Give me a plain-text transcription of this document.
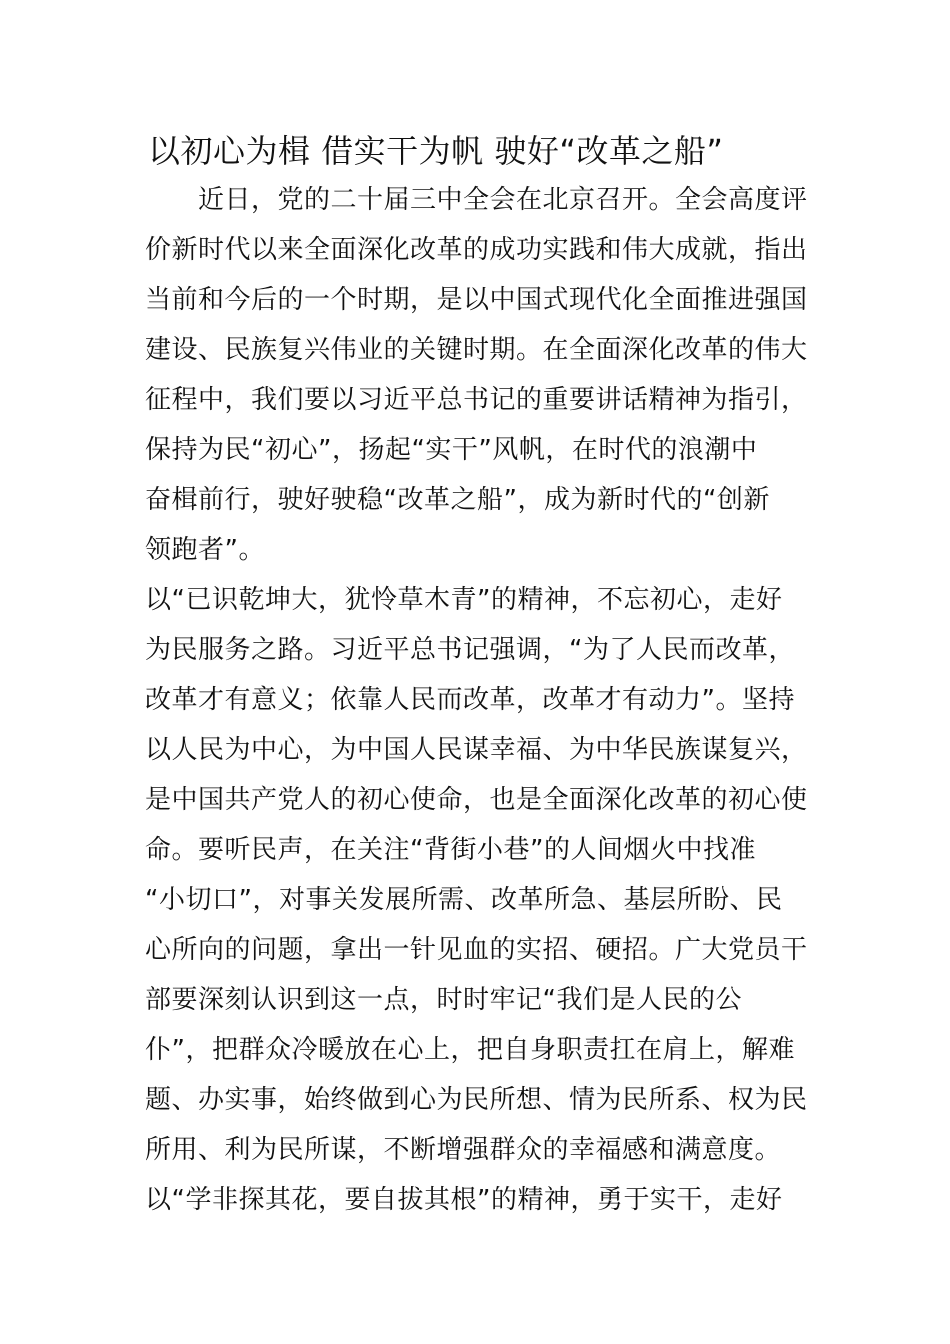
以初心为楫 借实干为帆 驶好“改革之船”
　　近日，党的二十届三中全会在北京召开。全会高度评
价新时代以来全面深化改革的成功实践和伟大成就，指出
当前和今后的一个时期，是以中国式现代化全面推进强国
建设、民族复兴伟业的关键时期。在全面深化改革的伟大
征程中，我们要以习近平总书记的重要讲话精神为指引，
保持为民“初心”，扬起“实干”风帆，在时代的浪潮中
奋楫前行，驶好驶稳“改革之船”，成为新时代的“创新
领跑者”。
以“已识乾坤大，犹怜草木青”的精神，不忘初心，走好
为民服务之路。习近平总书记强调，“为了人民而改革，
改革才有意义；依靠人民而改革，改革才有动力”。坚持
以人民为中心，为中国人民谋幸福、为中华民族谋复兴，
是中国共产党人的初心使命，也是全面深化改革的初心使
命。要听民声，在关注“背街小巷”的人间烟火中找准
“小切口”，对事关发展所需、改革所急、基层所盼、民
心所向的问题，拿出一针见血的实招、硬招。广大党员干
部要深刻认识到这一点，时时牢记“我们是人民的公
仆”，把群众冷暖放在心上，把自身职责扛在肩上，解难
题、办实事，始终做到心为民所想、情为民所系、权为民
所用、利为民所谋，不断增强群众的幸福感和满意度。
以“学非探其花，要自拔其根”的精神，勇于实干，走好
